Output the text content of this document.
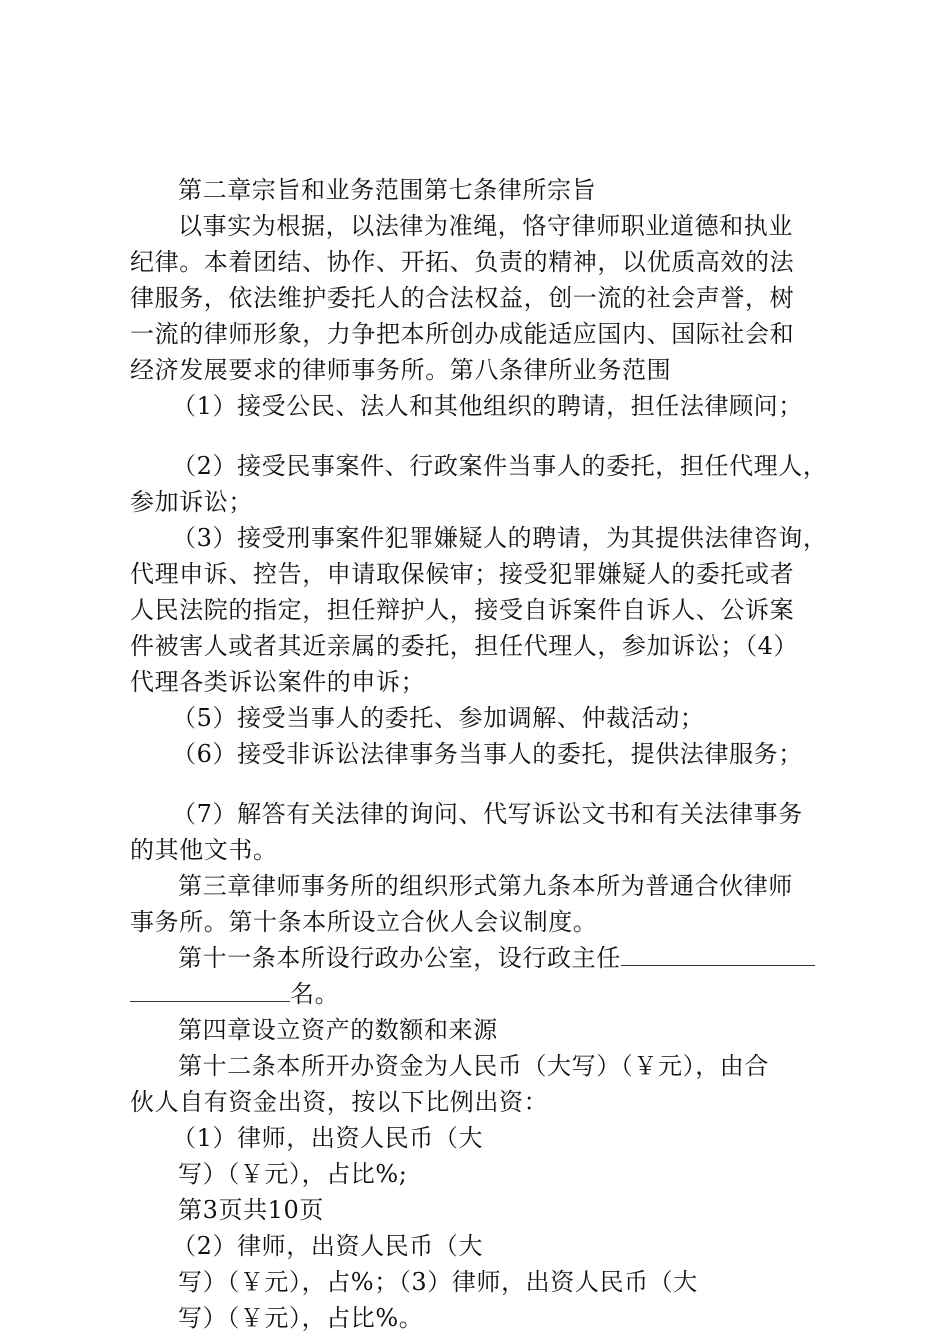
第二章宗旨和业务范围第七条律所宗旨
以事实为根据，以法律为准绳，恪守律师职业道德和执业
纪律。本着团结、协作、开拓、负责的精神，以优质高效的法
律服务，依法维护委托人的合法权益，创一流的社会声誉，树
一流的律师形象，力争把本所创办成能适应国内、国际社会和
经济发展要求的律师事务所。第八条律所业务范围
（1）接受公民、法人和其他组织的聘请，担任法律顾问；
（2）接受民事案件、行政案件当事人的委托，担任代理人，
参加诉讼；
（3）接受刑事案件犯罪嫌疑人的聘请，为其提供法律咨询，
代理申诉、控告，申请取保候审；接受犯罪嫌疑人的委托或者
人民法院的指定，担任辩护人，接受自诉案件自诉人、公诉案
件被害人或者其近亲属的委托，担任代理人，参加诉讼；（4）
代理各类诉讼案件的申诉；
（5）接受当事人的委托、参加调解、仲裁活动；
（6）接受非诉讼法律事务当事人的委托，提供法律服务；
（7）解答有关法律的询问、代写诉讼文书和有关法律事务
的其他文书。
第三章律师事务所的组织形式第九条本所为普通合伙律师
事务所。第十条本所设立合伙人会议制度。
第十一条本所设行政办公室，设行政主任
名。
第四章设立资产的数额和来源
第十二条本所开办资金为人民币（大写）（￥元），由合
伙人自有资金出资，按以下比例出资：
（1）律师，出资人民币（大
写）（￥元），占比%;
第3页共10页
（2）律师，出资人民币（大
写）（￥元），占%；（3）律师，出资人民币（大
写）（￥元），占比%。
